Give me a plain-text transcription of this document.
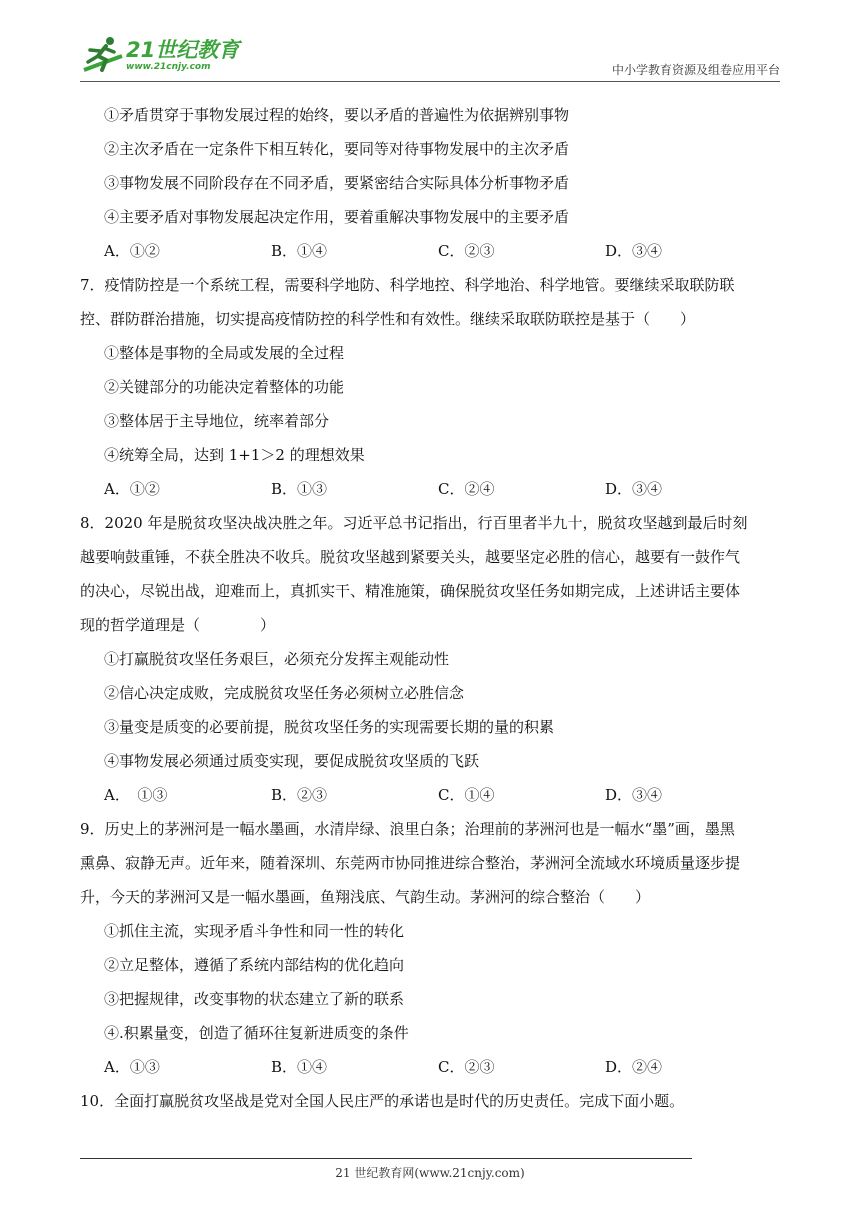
21世纪教育
www.21cnjy.com	中小学教育资源及组卷应用平台
①矛盾贯穿于事物发展过程的始终，要以矛盾的普遍性为依据辨别事物
②主次矛盾在一定条件下相互转化，要同等对待事物发展中的主次矛盾
③事物发展不同阶段存在不同矛盾，要紧密结合实际具体分析事物矛盾
④主要矛盾对事物发展起决定作用，要着重解决事物发展中的主要矛盾
A．①②	B．①④	C．②③	D．③④
7．疫情防控是一个系统工程，需要科学地防、科学地控、科学地治、科学地管。要继续采取联防联
控、群防群治措施，切实提高疫情防控的科学性和有效性。继续采取联防联控是基于（　　）
①整体是事物的全局或发展的全过程
②关键部分的功能决定着整体的功能
③整体居于主导地位，统率着部分
④统筹全局，达到 1+1＞2 的理想效果
A．①②	B．①③	C．②④	D．③④
8．2020 年是脱贫攻坚决战决胜之年。习近平总书记指出，行百里者半九十，脱贫攻坚越到最后时刻
越要响鼓重锤，不获全胜决不收兵。脱贫攻坚越到紧要关头，越要坚定必胜的信心，越要有一鼓作气
的决心，尽锐出战，迎难而上，真抓实干、精准施策，确保脱贫攻坚任务如期完成，上述讲话主要体
现的哲学道理是（　　　　）
①打赢脱贫攻坚任务艰巨，必须充分发挥主观能动性
②信心决定成败，完成脱贫攻坚任务必须树立必胜信念
③量变是质变的必要前提，脱贫攻坚任务的实现需要长期的量的积累
④事物发展必须通过质变实现，要促成脱贫攻坚质的飞跃
A．　①③	B．②③	C．①④	D．③④
9．历史上的茅洲河是一幅水墨画，水清岸绿、浪里白条；治理前的茅洲河也是一幅水“墨”画，墨黑
熏鼻、寂静无声。近年来，随着深圳、东莞两市协同推进综合整治，茅洲河全流域水环境质量逐步提
升，今天的茅洲河又是一幅水墨画，鱼翔浅底、气韵生动。茅洲河的综合整治（　　）
①抓住主流，实现矛盾斗争性和同一性的转化
②立足整体，遵循了系统内部结构的优化趋向
③把握规律，改变事物的状态建立了新的联系
④.积累量变，创造了循环往复新进质变的条件
A．①③	B．①④	C．②③	D．②④
10．全面打赢脱贫攻坚战是党对全国人民庄严的承诺也是时代的历史责任。完成下面小题。
21 世纪教育网(www.21cnjy.com)
